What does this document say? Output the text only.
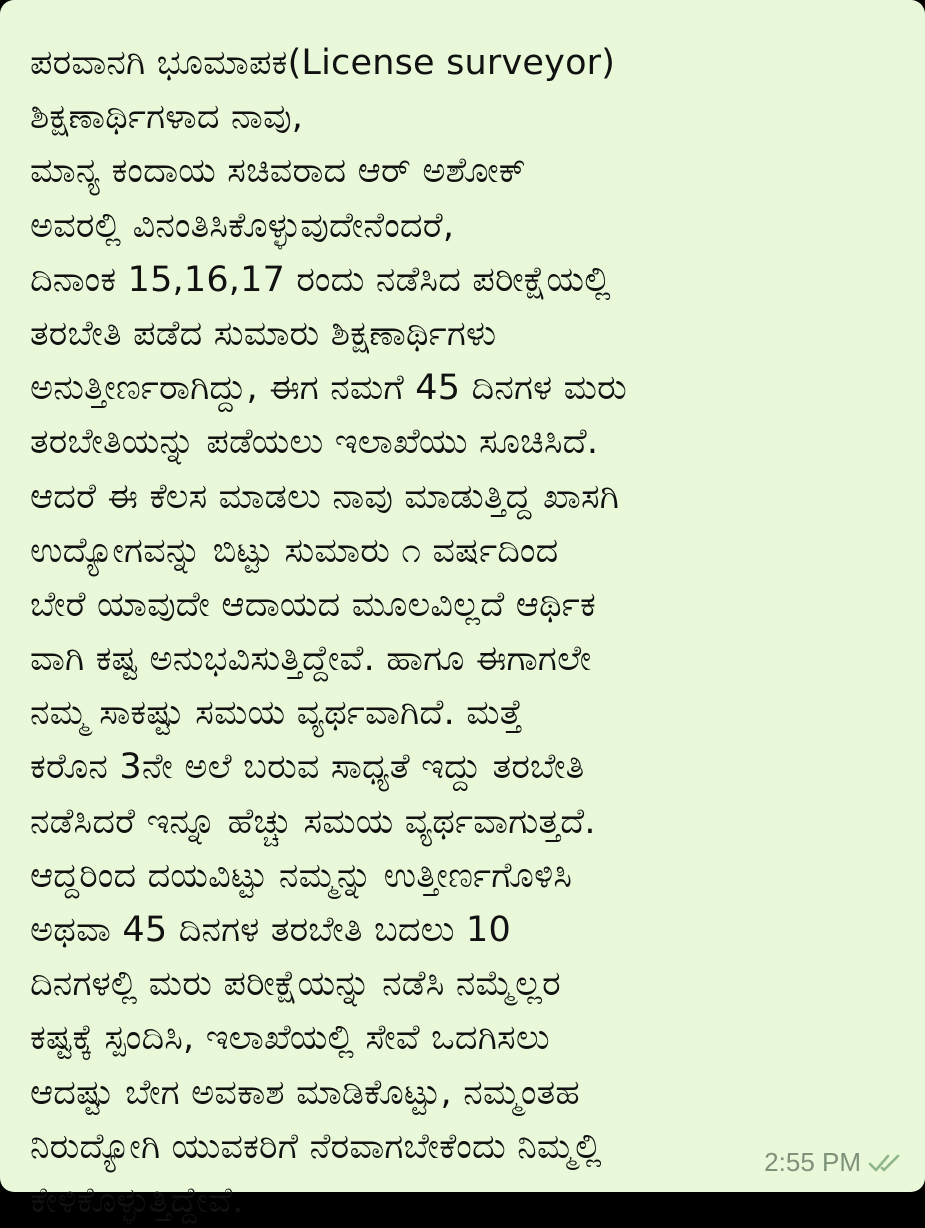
ಪರವಾನಗಿ ಭೂಮಾಪಕ(License surveyor)
ಶಿಕ್ಷಣಾರ್ಥಿಗಳಾದ ನಾವು,
ಮಾನ್ಯ ಕಂದಾಯ ಸಚಿವರಾದ ಆರ್ ಅಶೋಕ್
ಅವರಲ್ಲಿ ವಿನಂತಿಸಿಕೊಳ್ಳುವುದೇನೆಂದರೆ,
ದಿನಾಂಕ 15,16,17 ರಂದು ನಡೆಸಿದ ಪರೀಕ್ಷೆಯಲ್ಲಿ
ತರಬೇತಿ ಪಡೆದ ಸುಮಾರು ಶಿಕ್ಷಣಾರ್ಥಿಗಳು
ಅನುತ್ತೀರ್ಣರಾಗಿದ್ದು, ಈಗ ನಮಗೆ 45 ದಿನಗಳ ಮರು
ತರಬೇತಿಯನ್ನು ಪಡೆಯಲು ಇಲಾಖೆಯು ಸೂಚಿಸಿದೆ.
ಆದರೆ ಈ ಕೆಲಸ ಮಾಡಲು ನಾವು ಮಾಡುತ್ತಿದ್ದ ಖಾಸಗಿ
ಉದ್ಯೋಗವನ್ನು ಬಿಟ್ಟು ಸುಮಾರು ೧ ವರ್ಷದಿಂದ
ಬೇರೆ ಯಾವುದೇ ಆದಾಯದ ಮೂಲವಿಲ್ಲದೆ ಆರ್ಥಿಕ
ವಾಗಿ ಕಷ್ಟ ಅನುಭವಿಸುತ್ತಿದ್ದೇವೆ. ಹಾಗೂ ಈಗಾಗಲೇ
ನಮ್ಮ ಸಾಕಷ್ಟು ಸಮಯ ವ್ಯರ್ಥವಾಗಿದೆ. ಮತ್ತೆ
ಕರೊನ 3ನೇ ಅಲೆ ಬರುವ ಸಾಧ್ಯತೆ ಇದ್ದು ತರಬೇತಿ
ನಡೆಸಿದರೆ ಇನ್ನೂ ಹೆಚ್ಚು ಸಮಯ ವ್ಯರ್ಥವಾಗುತ್ತದೆ.
ಆದ್ದರಿಂದ ದಯವಿಟ್ಟು ನಮ್ಮನ್ನು ಉತ್ತೀರ್ಣಗೊಳಿಸಿ
ಅಥವಾ 45 ದಿನಗಳ ತರಬೇತಿ ಬದಲು 10
ದಿನಗಳಲ್ಲಿ ಮರು ಪರೀಕ್ಷೆಯನ್ನು ನಡೆಸಿ ನಮ್ಮೆಲ್ಲರ
ಕಷ್ಟಕ್ಕೆ ಸ್ಪಂದಿಸಿ, ಇಲಾಖೆಯಲ್ಲಿ ಸೇವೆ ಒದಗಿಸಲು
ಆದಷ್ಟು ಬೇಗ ಅವಕಾಶ ಮಾಡಿಕೊಟ್ಟು, ನಮ್ಮಂತಹ
ನಿರುದ್ಯೋಗಿ ಯುವಕರಿಗೆ ನೆರವಾಗಬೇಕೆಂದು ನಿಮ್ಮಲ್ಲಿ
ಕೇಳಿಕೊಳ್ಳುತ್ತಿದ್ದೇವೆ.
2:55 PM
